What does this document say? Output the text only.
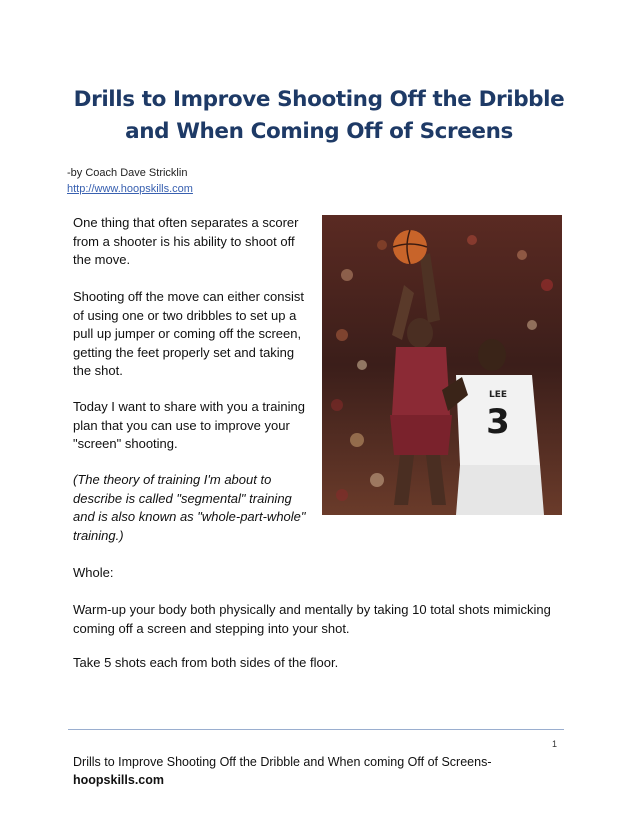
Drills to Improve Shooting Off the Dribble and When Coming Off of Screens
-by Coach Dave Stricklin
http://www.hoopskills.com
One thing that often separates a scorer from a shooter is his ability to shoot off the move.
Shooting off the move can either consist of using one or two dribbles to set up a pull up jumper or coming off the screen, getting the feet properly set and taking the shot.
Today I want to share with you a training plan that you can use to improve your "screen" shooting.
(The theory of training I'm about to describe is called "segmental" training and is also known as "whole-part-whole" training.)
Whole:
Warm-up your body both physically and mentally by taking 10 total shots mimicking coming off a screen and stepping into your shot.
Take 5 shots each from both sides of the floor.
LEE
3
1
Drills to Improve Shooting Off the Dribble and When coming Off of Screens-
hoopskills.com
